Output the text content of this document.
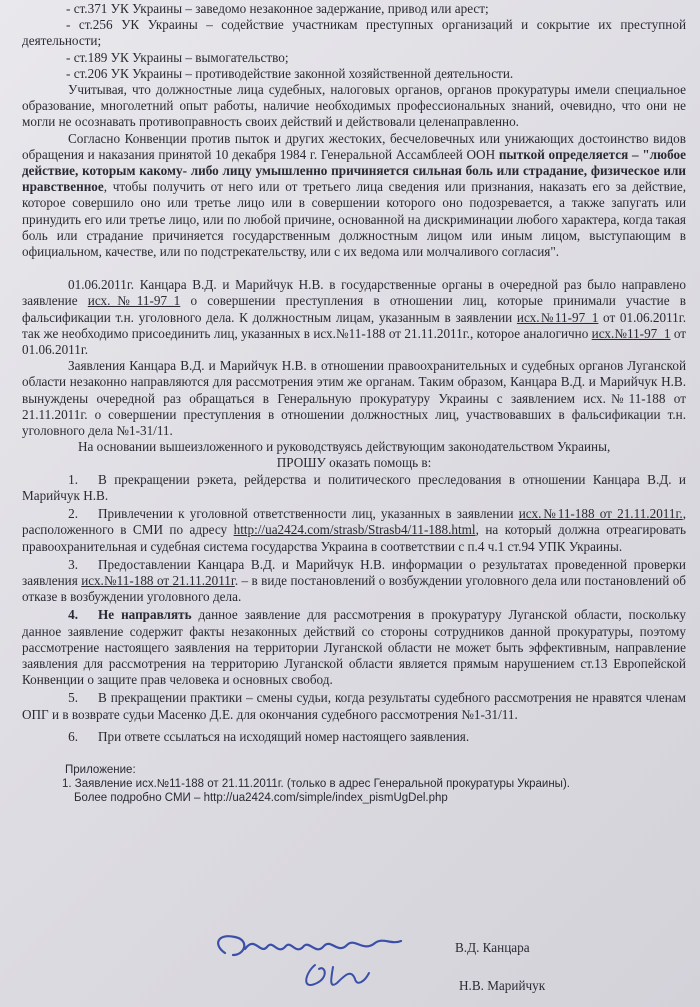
- ст.371 УК Украины – заведомо незаконное задержание, привод или арест;

- ст.256 УК Украины – содействие участникам преступных организаций и сокрытие их преступной деятельности;

- ст.189 УК Украины – вымогательство;

- ст.206 УК Украины – противодействие законной хозяйственной деятельности.

Учитывая, что должностные лица судебных, налоговых органов, органов прокуратуры имели специальное образование, многолетний опыт работы, наличие необходимых профессиональных знаний, очевидно, что они не могли не осознавать противоправность своих действий и действовали целенаправленно.

Согласно Конвенции против пыток и других жестоких, бесчеловечных или унижающих достоинство видов обращения и наказания принятой 10 декабря 1984 г. Генеральной Ассамблеей ООН пыткой определяется – "любое действие, которым какому- либо лицу умышленно причиняется сильная боль или страдание, физическое или нравственное, чтобы получить от него или от третьего лица сведения или признания, наказать его за действие, которое совершило оно или третье лицо или в совершении которого оно подозревается, а также запугать или принудить его или третье лицо, или по любой причине, основанной на дискриминации любого характера, когда такая боль или страдание причиняется государственным должностным лицом или иным лицом, выступающим в официальном, качестве, или по подстрекательству, или с их ведома или молчаливого согласия".

01.06.2011г. Канцара В.Д. и Марийчук Н.В. в государственные органы в очередной раз было направлено заявление исх.№11-97_1 о совершении преступления в отношении лиц, которые принимали участие в фальсификации т.н. уголовного дела. К должностным лицам, указанным в заявлении исх.№11-97_1 от 01.06.2011г. так же необходимо присоединить лиц, указанных в исх.№11-188 от 21.11.2011г., которое аналогично исх.№11-97_1 от 01.06.2011г.

Заявления Канцара В.Д. и Марийчук Н.В. в отношении правоохранительных и судебных органов Луганской области незаконно направляются для рассмотрения этим же органам. Таким образом, Канцара В.Д. и Марийчук Н.В. вынуждены очередной раз обращаться в Генеральную прокуратуру Украины с заявлением исх.№11-188 от 21.11.2011г. о совершении преступления в отношении должностных лиц, участвовавших в фальсификации т.н. уголовного дела №1-31/11.

На основании вышеизложенного и руководствуясь действующим законодательством Украины,

ПРОШУ оказать помощь в:

1. В прекращении рэкета, рейдерства и политического преследования в отношении Канцара В.Д. и Марийчук Н.В.

2. Привлечении к уголовной ответственности лиц, указанных в заявлении исх.№11-188 от 21.11.2011г., расположенного в СМИ по адресу http://ua2424.com/strasb/Strasb4/11-188.html, на который должна отреагировать правоохранительная и судебная система государства Украина в соответствии с п.4 ч.1 ст.94 УПК Украины.

3. Предоставлении Канцара В.Д. и Марийчук Н.В. информации о результатах проведенной проверки заявления исх.№11-188 от 21.11.2011г. – в виде постановлений о возбуждении уголовного дела или постановлений об отказе в возбуждении уголовного дела.

4. Не направлять данное заявление для рассмотрения в прокуратуру Луганской области, поскольку данное заявление содержит факты незаконных действий со стороны сотрудников данной прокуратуры, поэтому рассмотрение настоящего заявления на территории Луганской области не может быть эффективным, направление заявления для рассмотрения на территорию Луганской области является прямым нарушением ст.13 Европейской Конвенции о защите прав человека и основных свобод.

5. В прекращении практики – смены судьи, когда результаты судебного рассмотрения не нравятся членам ОПГ и в возврате судьи Масенко Д.Е. для окончания судебного рассмотрения №1-31/11.

6. При ответе ссылаться на исходящий номер настоящего заявления.

Приложение:

1. Заявление исх.№11-188 от 21.11.2011г. (только в адрес Генеральной прокуратуры Украины).

Более подробно СМИ – http://ua2424.com/simple/index_pismUgDel.php

В.Д. Канцара
Н.В. Марийчук
